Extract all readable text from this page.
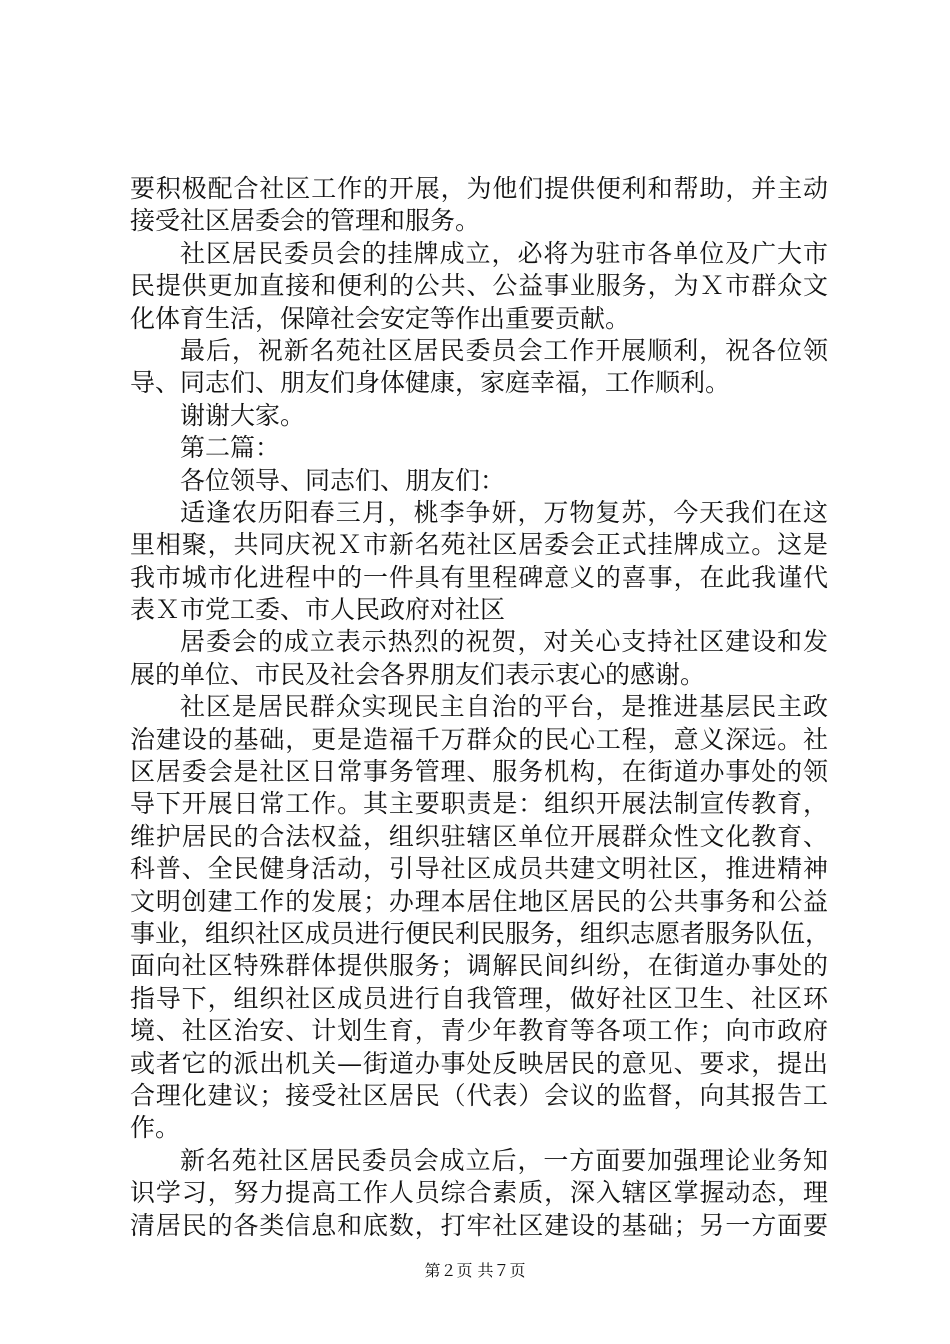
要积极配合社区工作的开展，为他们提供便利和帮助，并主动
接受社区居委会的管理和服务。
社区居民委员会的挂牌成立，必将为驻市各单位及广大市
民提供更加直接和便利的公共、公益事业服务，为Ｘ市群众文
化体育生活，保障社会安定等作出重要贡献。
最后，祝新名苑社区居民委员会工作开展顺利，祝各位领
导、同志们、朋友们身体健康，家庭幸福，工作顺利。
谢谢大家。
第二篇：
各位领导、同志们、朋友们：
适逢农历阳春三月，桃李争妍，万物复苏，今天我们在这
里相聚，共同庆祝Ｘ市新名苑社区居委会正式挂牌成立。这是
我市城市化进程中的一件具有里程碑意义的喜事，在此我谨代
表Ｘ市党工委、市人民政府对社区
居委会的成立表示热烈的祝贺，对关心支持社区建设和发
展的单位、市民及社会各界朋友们表示衷心的感谢。
社区是居民群众实现民主自治的平台，是推进基层民主政
治建设的基础，更是造福千万群众的民心工程，意义深远。社
区居委会是社区日常事务管理、服务机构，在街道办事处的领
导下开展日常工作。其主要职责是：组织开展法制宣传教育，
维护居民的合法权益，组织驻辖区单位开展群众性文化教育、
科普、全民健身活动，引导社区成员共建文明社区，推进精神
文明创建工作的发展；办理本居住地区居民的公共事务和公益
事业，组织社区成员进行便民利民服务，组织志愿者服务队伍，
面向社区特殊群体提供服务；调解民间纠纷，在街道办事处的
指导下，组织社区成员进行自我管理，做好社区卫生、社区环
境、社区治安、计划生育，青少年教育等各项工作；向市政府
或者它的派出机关—街道办事处反映居民的意见、要求，提出
合理化建议；接受社区居民（代表）会议的监督，向其报告工
作。
新名苑社区居民委员会成立后，一方面要加强理论业务知
识学习，努力提高工作人员综合素质，深入辖区掌握动态，理
清居民的各类信息和底数，打牢社区建设的基础；另一方面要
第２页 共７页
